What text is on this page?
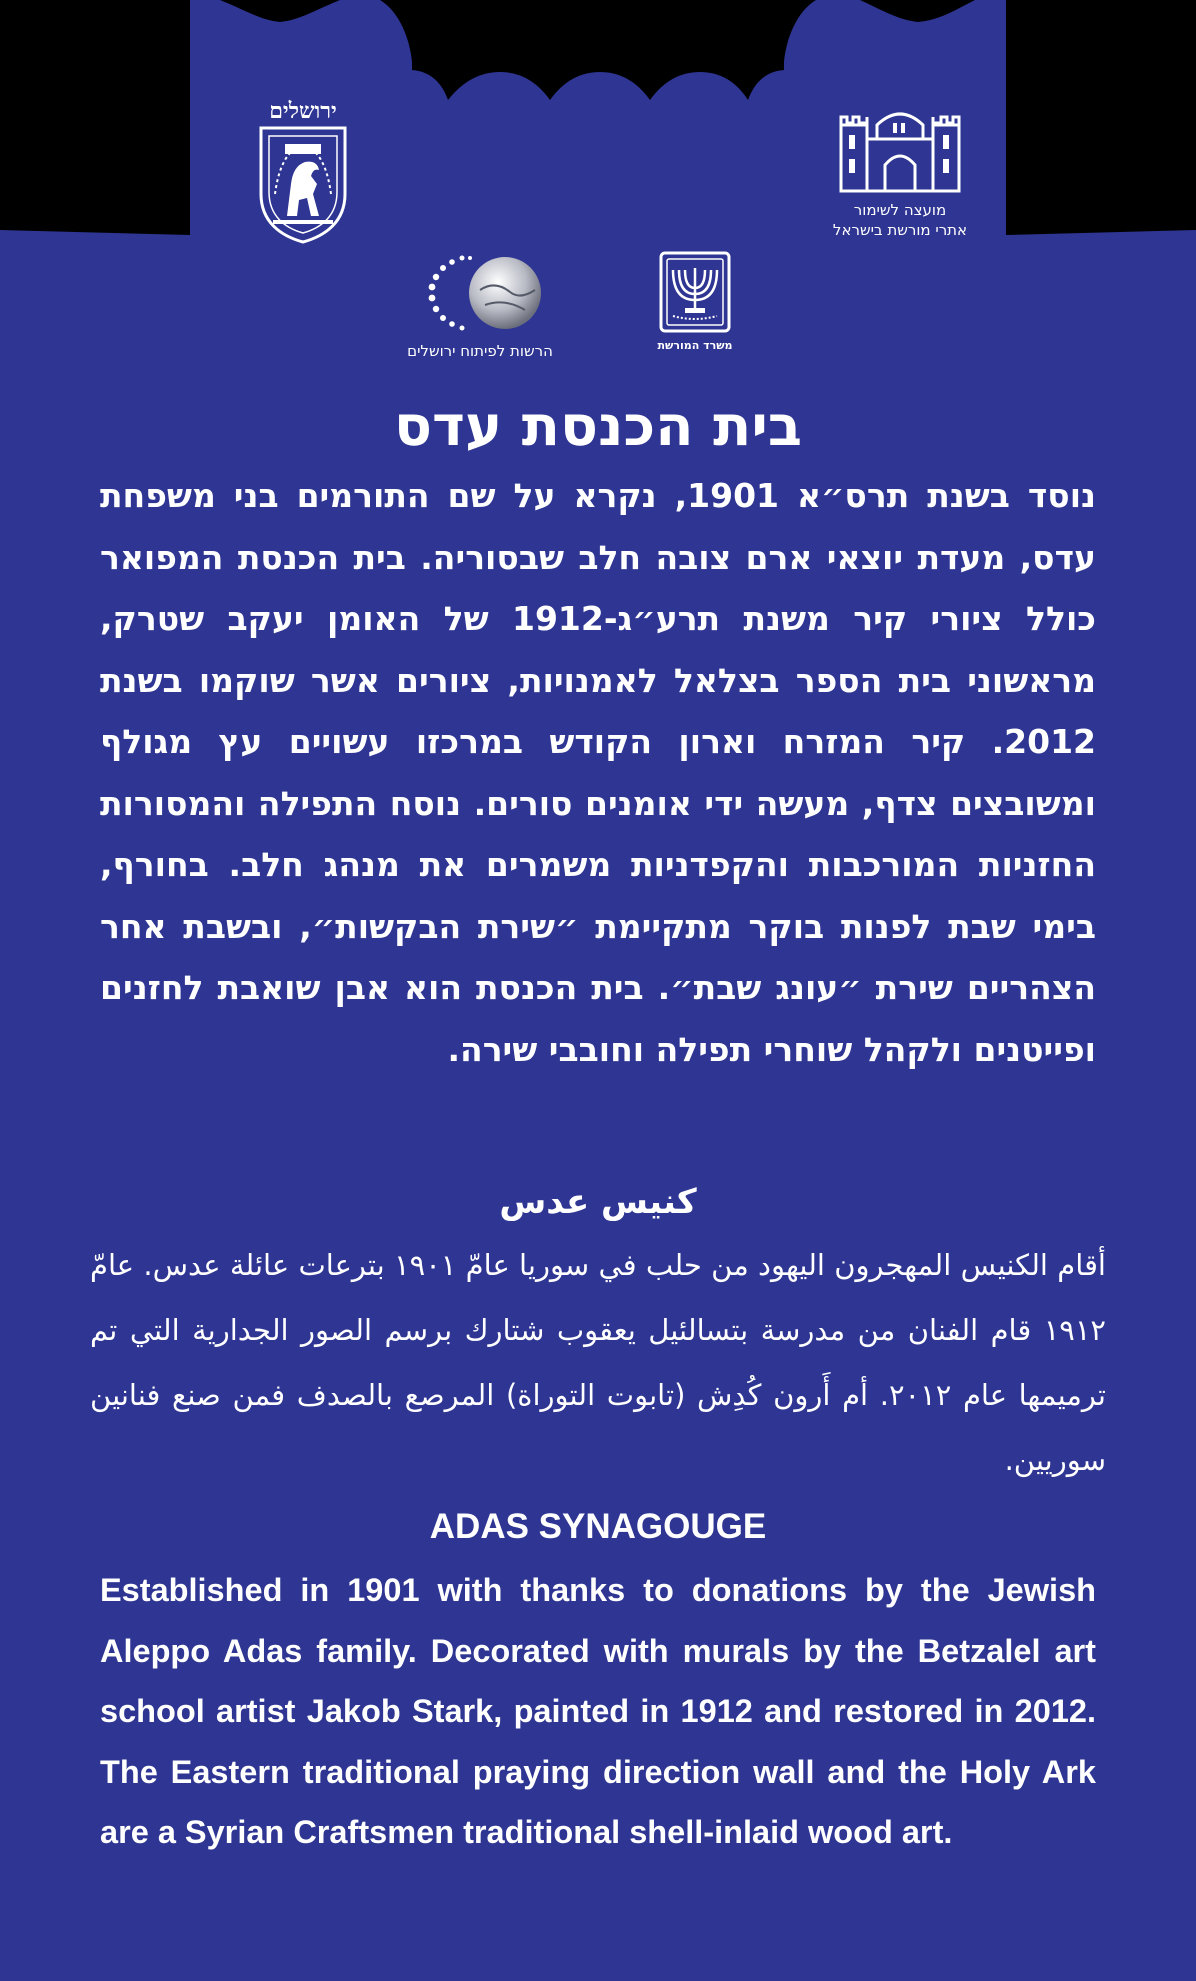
ירושלים
מועצה לשימור
אתרי מורשת בישראל
משרד המורשת
הרשות לפיתוח ירושלים
בית הכנסת עדס

נוסד בשנת תרס״א 1901, נקרא על שם התורמים בני משפחת עדס, מעדת יוצאי ארם צובה חלב שבסוריה. בית הכנסת המפואר כולל ציורי קיר משנת תרע״ג-1912 של האומן יעקב שטרק, מראשוני בית הספר בצלאל לאמנויות, ציורים אשר שוקמו בשנת 2012. קיר המזרח וארון הקודש במרכזו עשויים עץ מגולף ומשובצים צדף, מעשה ידי אומנים סורים. נוסח התפילה והמסורות החזניות המורכבות והקפדניות משמרים את מנהג חלב. בחורף, בימי שבת לפנות בוקר מתקיימת ״שירת הבקשות״, ובשבת אחר הצהריים שירת ״עונג שבת״. בית הכנסת הוא אבן שואבת לחזנים ופייטנים ולקהל שוחרי תפילה וחובבי שירה.

كنيس عدس

أقام الكنيس المهجرون اليهود من حلب في سوريا عامّ ١٩٠١ بترعات عائلة عدس. عامّ ١٩١٢ قام الفنان من مدرسة بتسالئيل يعقوب شتارك برسم الصور الجدارية التي تم ترميمها عام ٢٠١٢. أم أَرون كُدِش (تابوت التوراة) المرصع بالصدف فمن صنع فنانين سوريين.

ADAS SYNAGOUGE

Established in 1901 with thanks to donations by the Jewish Aleppo Adas family. Decorated with murals by the Betzalel art school artist Jakob Stark, painted in 1912 and restored in 2012. The Eastern traditional praying direction wall and the Holy Ark are a Syrian Craftsmen traditional shell-inlaid wood art.
